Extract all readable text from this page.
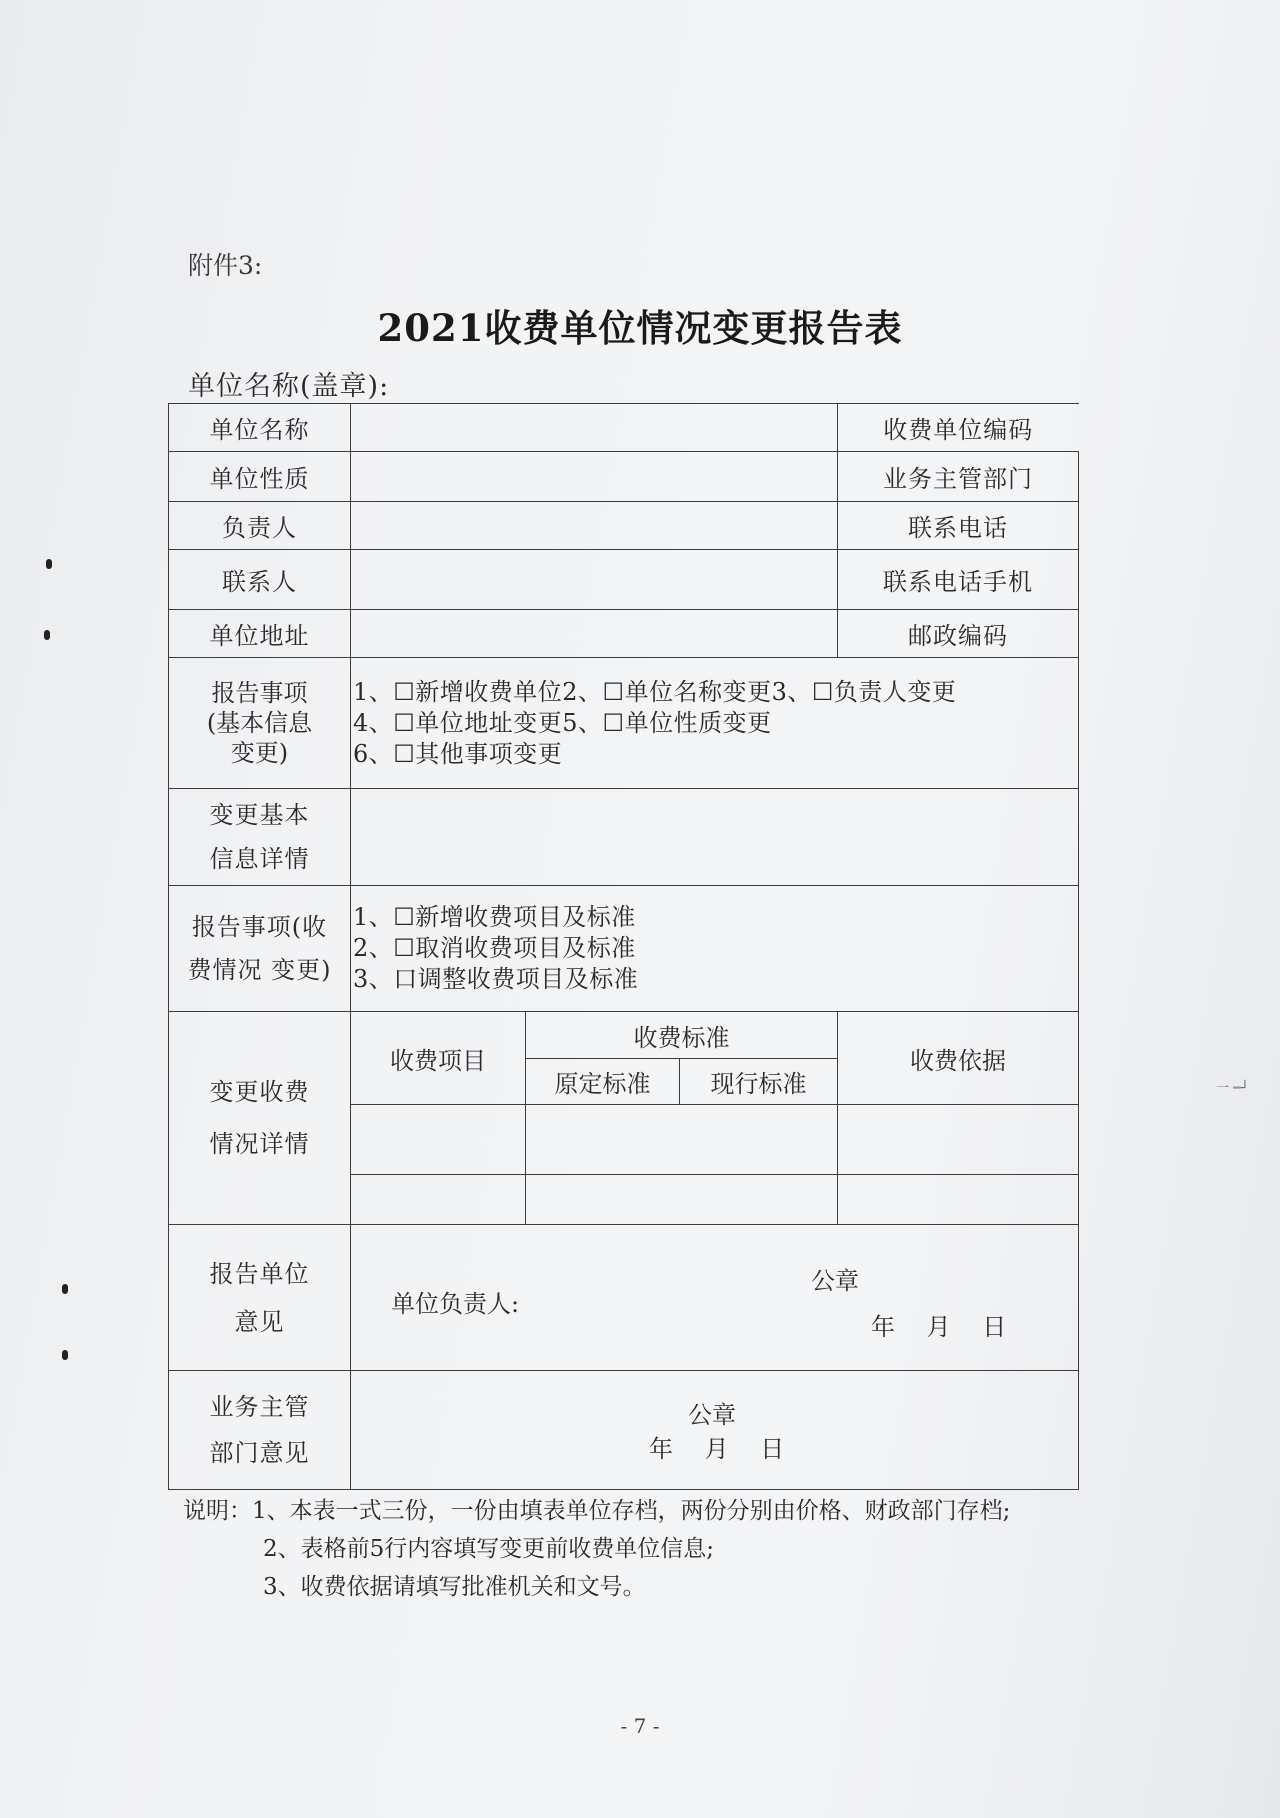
一 ┉┘
附件3:
2021收费单位情况变更报告表
单位名称(盖章):
单位名称				收费单位编码
单位性质				业务主管部门
负责人				联系电话
联系人				联系电话手机
单位地址				邮政编码

报告事项 (基本信息 变更)	1、☐新增收费单位2、☐单位名称变更3、☐负责人变更
4、☐单位地址变更5、☐单位性质变更
6、☐其他事项变更			

变更基本 信息详情				

报告事项(收 费情况 变更)	1、☐新增收费项目及标准
2、☐取消收费项目及标准
3、口调整收费项目及标准			

变更收费 情况详情	收费项目	收费标准		收费依据
		原定标准	现行标准	

报告单位 意见	单位负责人:
公章
年　 月　 日			

业务主管 部门意见	公章
年　 月　 日			
说明：1、本表一式三份，一份由填表单位存档，两份分别由价格、财政部门存档;
2、表格前5行内容填写变更前收费单位信息;
3、收费依据请填写批准机关和文号。
- 7 -
